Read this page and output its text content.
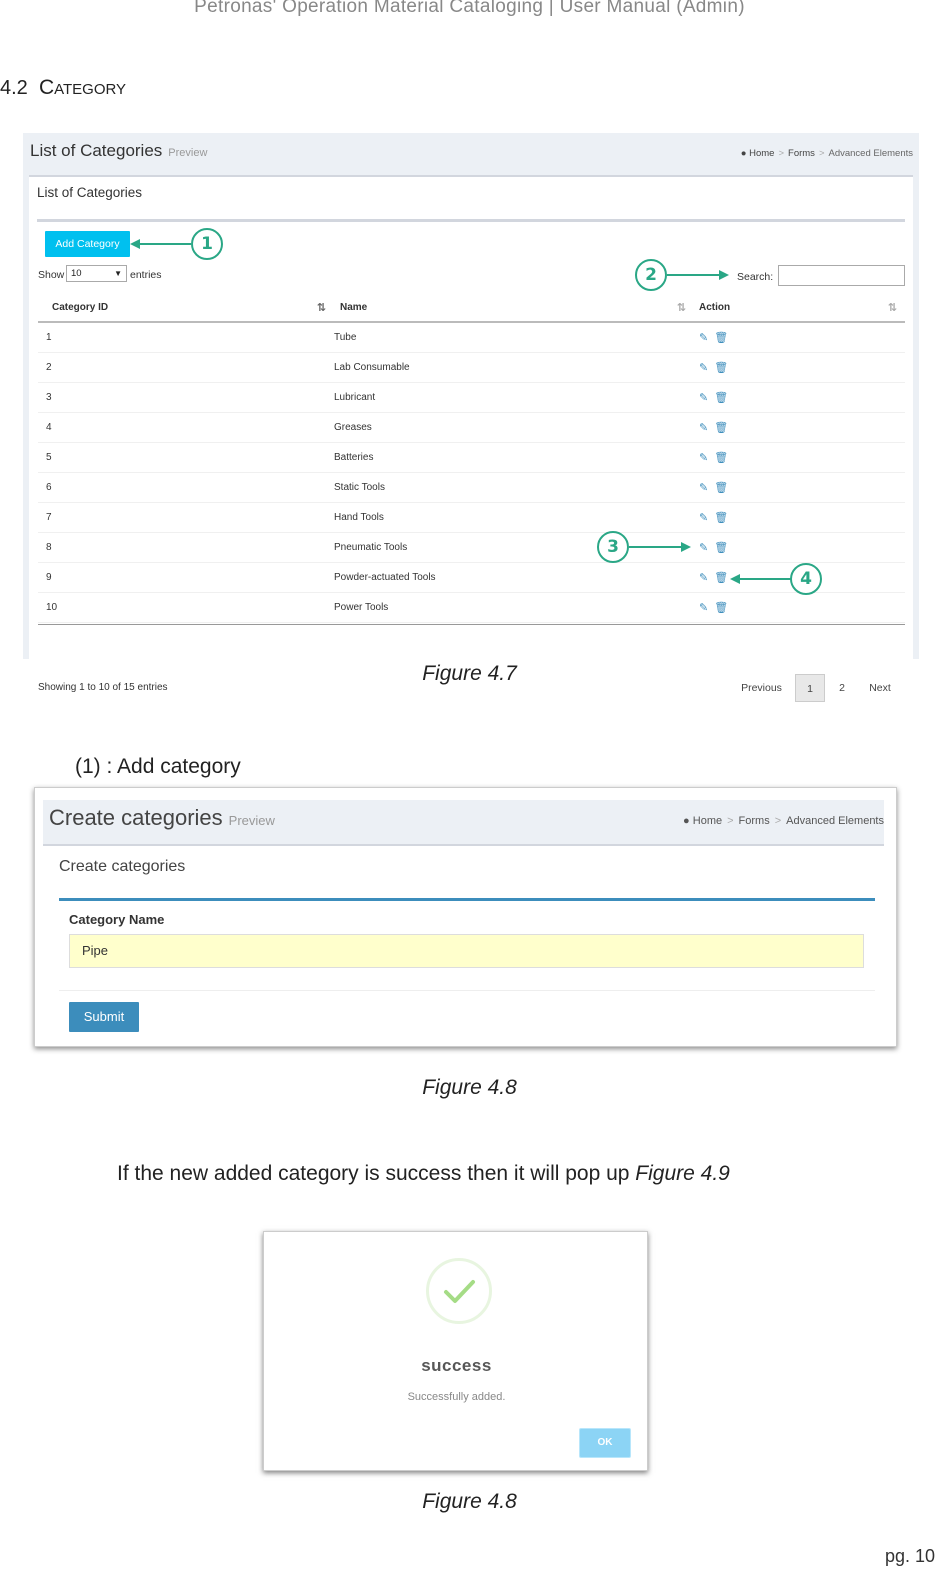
Petronas' Operation Material Cataloging | User Manual (Admin)
4.2 Category
List of Categories Preview	● Home > Forms > Advanced Elements
List of Categories
Add Category
Show 10	▼ entries	Search:
Category ID ⇅	Name ⇅	Action ⇅

1	Tube	✎ 🗑
2	Lab Consumable	✎ 🗑
3	Lubricant	✎ 🗑
4	Greases	✎ 🗑
5	Batteries	✎ 🗑
6	Static Tools	✎ 🗑
7	Hand Tools	✎ 🗑
8	Pneumatic Tools	✎ 🗑
9	Powder-actuated Tools	✎ 🗑
10	Power Tools	✎ 🗑
Showing 1 to 10 of 15 entries	Previous	1	2	Next
1
2
3
4
Figure 4.7
(1) : Add category
Create categories Preview	● Home > Forms > Advanced Elements
Create categories
Category Name
Pipe
Submit
Figure 4.8
If the new added category is success then it will pop up Figure 4.9
success
Successfully added.
OK
Figure 4.8
pg. 10
